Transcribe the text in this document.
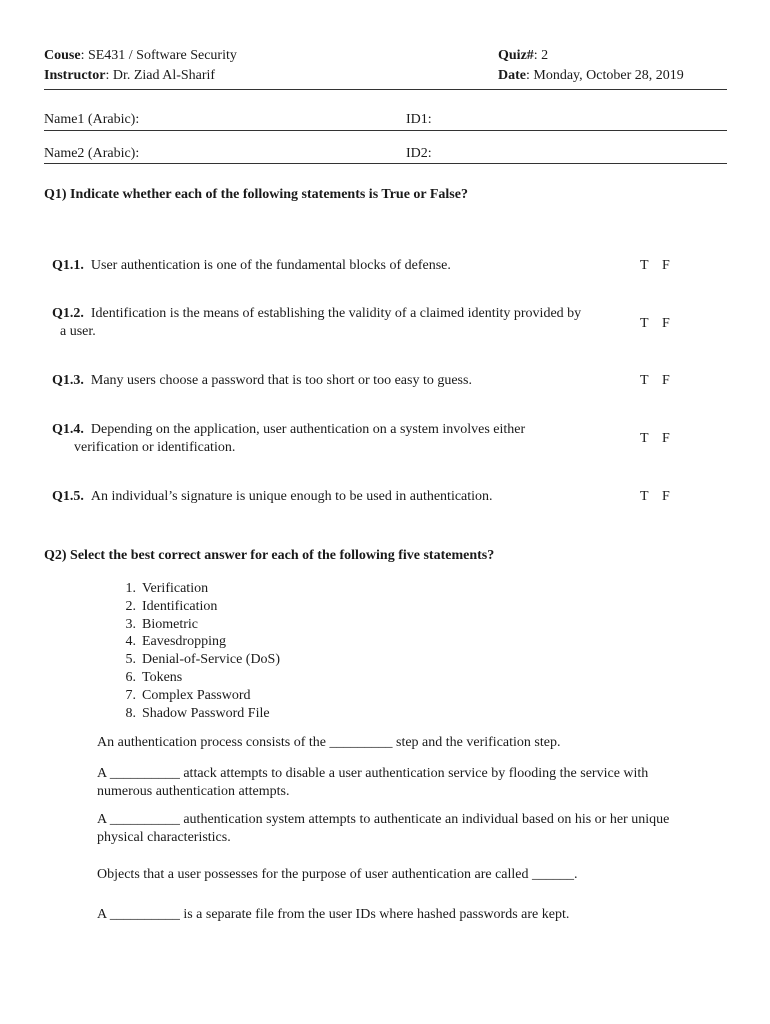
Couse: SE431 / Software Security
Instructor: Dr. Ziad Al-Sharif
Quiz#: 2
Date: Monday, October 28, 2019
Name1 (Arabic):	ID1:
Name2 (Arabic):	ID2:
Q1) Indicate whether each of the following statements is True or False?
Q1.1. User authentication is one of the fundamental blocks of defense.	T F
Q1.2. Identification is the means of establishing the validity of a claimed identity provided by
a user.
T F
Q1.3. Many users choose a password that is too short or too easy to guess.	T F
Q1.4. Depending on the application, user authentication on a system involves either
verification or identification.
T F
Q1.5. An individual’s signature is unique enough to be used in authentication.	T F
Q2) Select the best correct answer for each of the following five statements?
1. Verification
2. Identification
3. Biometric
4. Eavesdropping
5. Denial-of-Service (DoS)
6. Tokens
7. Complex Password
8. Shadow Password File
An authentication process consists of the _________ step and the verification step.
A __________ attack attempts to disable a user authentication service by flooding the service with
numerous authentication attempts.
A __________ authentication system attempts to authenticate an individual based on his or her unique
physical characteristics.
Objects that a user possesses for the purpose of user authentication are called ______.
A __________ is a separate file from the user IDs where hashed passwords are kept.
